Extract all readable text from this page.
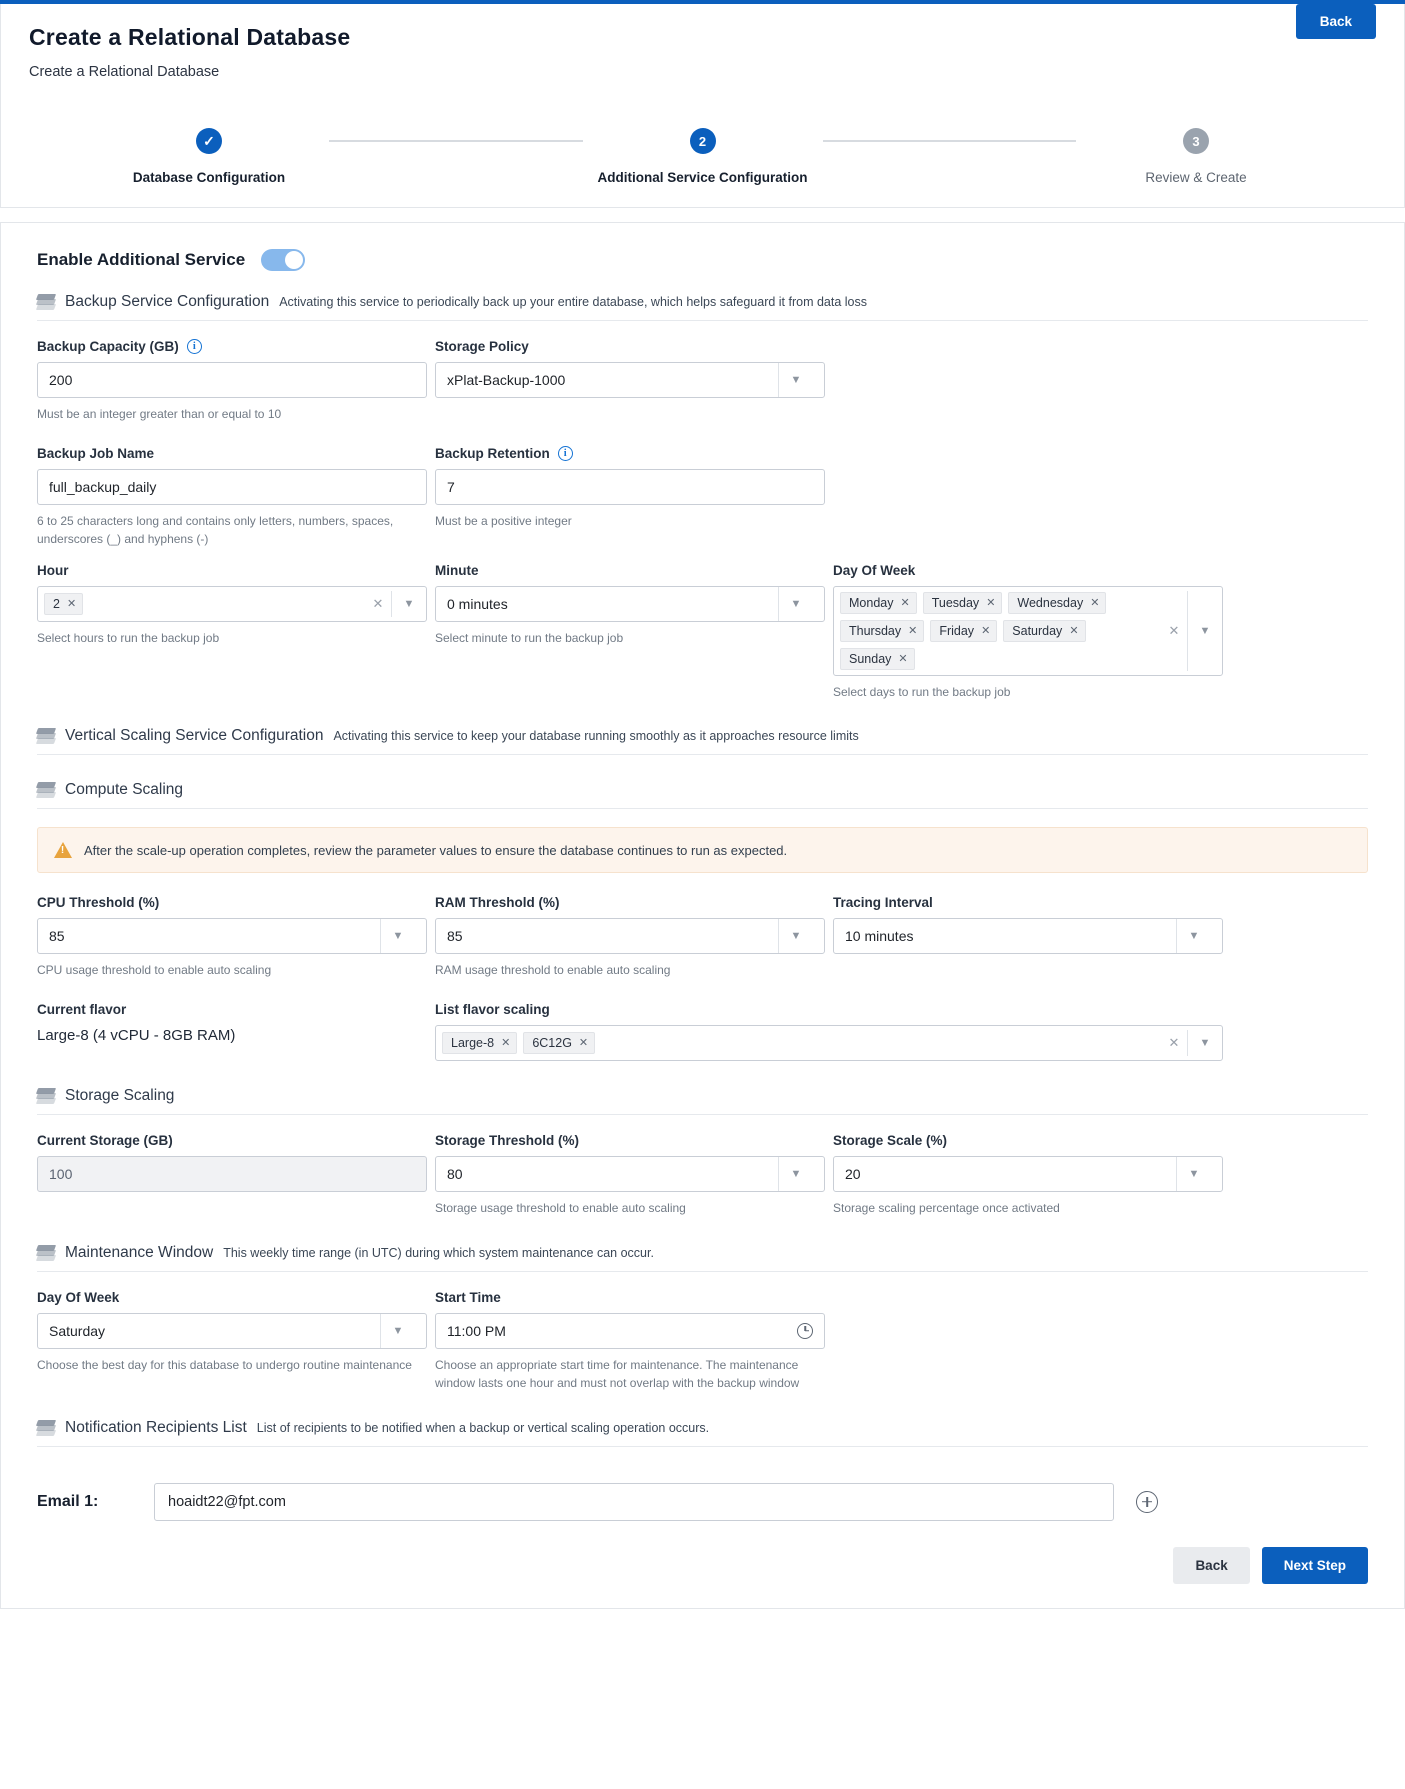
Back
Create a Relational Database
Create a Relational Database
✓
Database Configuration
2
Additional Service Configuration
3
Review & Create
Enable Additional Service
Backup Service Configuration Activating this service to periodically back up your entire database, which helps safeguard it from data loss
Backup Capacity (GB)	i
200
Must be an integer greater than or equal to 10
Storage Policy
xPlat-Backup-1000	▼
Backup Job Name
full_backup_daily
6 to 25 characters long and contains only letters, numbers, spaces, underscores (_) and hyphens (-)
Backup Retention	i
7
Must be a positive integer
Hour
2 ✕	✕	▼
Select hours to run the backup job
Minute
0 minutes	▼
Select minute to run the backup job
Day Of Week
Monday ✕ Tuesday ✕ Wednesday ✕
Thursday ✕ Friday ✕ Saturday ✕
Sunday ✕
✕	▼
Select days to run the backup job
Vertical Scaling Service Configuration Activating this service to keep your database running smoothly as it approaches resource limits
Compute Scaling
!
After the scale-up operation completes, review the parameter values to ensure the database continues to run as expected.
CPU Threshold (%)
85	▼
CPU usage threshold to enable auto scaling
RAM Threshold (%)
85	▼
RAM usage threshold to enable auto scaling
Tracing Interval
10 minutes	▼
Current flavor
Large-8 (4 vCPU - 8GB RAM)
List flavor scaling
Large-8 ✕ 6C12G ✕	✕	▼
Storage Scaling
Current Storage (GB)
100
Storage Threshold (%)
80	▼
Storage usage threshold to enable auto scaling
Storage Scale (%)
20	▼
Storage scaling percentage once activated
Maintenance Window This weekly time range (in UTC) during which system maintenance can occur.
Day Of Week
Saturday	▼
Choose the best day for this database to undergo routine maintenance
Start Time
11:00 PM
Choose an appropriate start time for maintenance. The maintenance window lasts one hour and must not overlap with the backup window
Notification Recipients List List of recipients to be notified when a backup or vertical scaling operation occurs.
Email 1:	hoaidt22@fpt.com
Back	Next Step
